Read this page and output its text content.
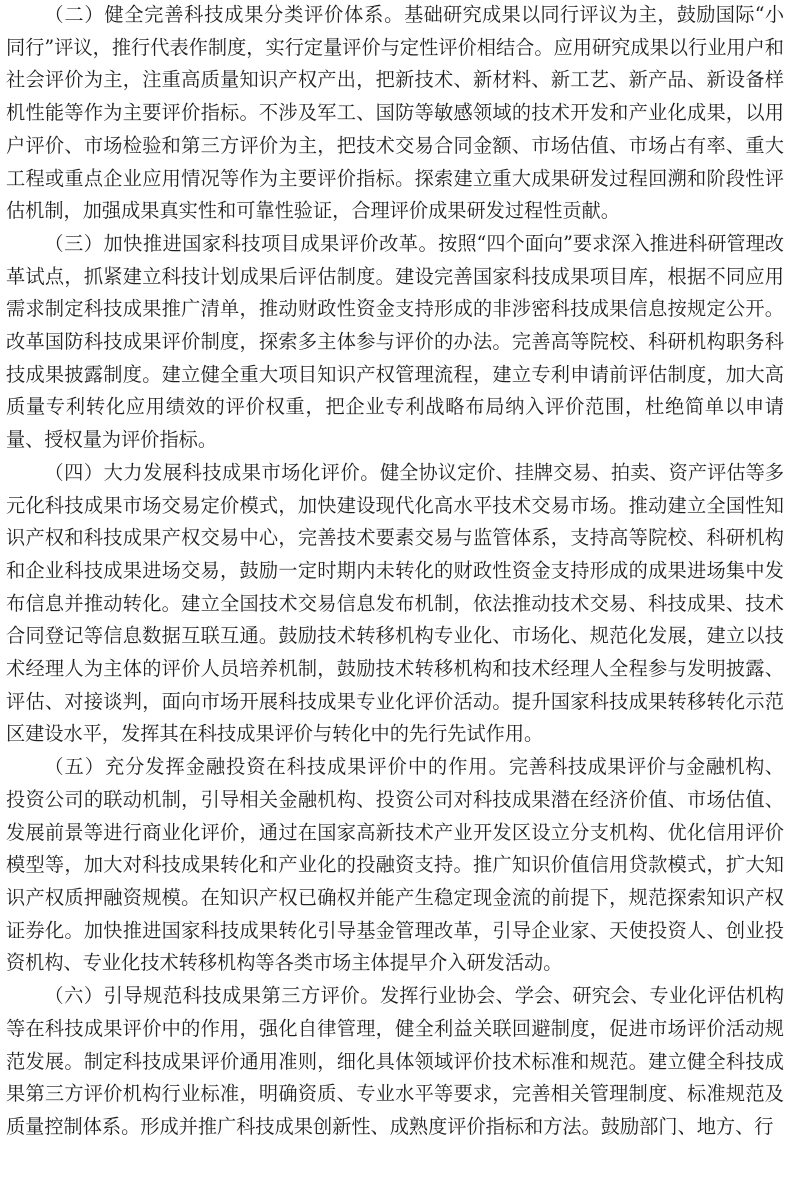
（二）健全完善科技成果分类评价体系。基础研究成果以同行评议为主，鼓励国际“小同行”评议，推行代表作制度，实行定量评价与定性评价相结合。应用研究成果以行业用户和社会评价为主，注重高质量知识产权产出，把新技术、新材料、新工艺、新产品、新设备样机性能等作为主要评价指标。不涉及军工、国防等敏感领域的技术开发和产业化成果，以用户评价、市场检验和第三方评价为主，把技术交易合同金额、市场估值、市场占有率、重大工程或重点企业应用情况等作为主要评价指标。探索建立重大成果研发过程回溯和阶段性评估机制，加强成果真实性和可靠性验证，合理评价成果研发过程性贡献。

（三）加快推进国家科技项目成果评价改革。按照“四个面向”要求深入推进科研管理改革试点，抓紧建立科技计划成果后评估制度。建设完善国家科技成果项目库，根据不同应用需求制定科技成果推广清单，推动财政性资金支持形成的非涉密科技成果信息按规定公开。改革国防科技成果评价制度，探索多主体参与评价的办法。完善高等院校、科研机构职务科技成果披露制度。建立健全重大项目知识产权管理流程，建立专利申请前评估制度，加大高质量专利转化应用绩效的评价权重，把企业专利战略布局纳入评价范围，杜绝简单以申请量、授权量为评价指标。

（四）大力发展科技成果市场化评价。健全协议定价、挂牌交易、拍卖、资产评估等多元化科技成果市场交易定价模式，加快建设现代化高水平技术交易市场。推动建立全国性知识产权和科技成果产权交易中心，完善技术要素交易与监管体系，支持高等院校、科研机构和企业科技成果进场交易，鼓励一定时期内未转化的财政性资金支持形成的成果进场集中发布信息并推动转化。建立全国技术交易信息发布机制，依法推动技术交易、科技成果、技术合同登记等信息数据互联互通。鼓励技术转移机构专业化、市场化、规范化发展，建立以技术经理人为主体的评价人员培养机制，鼓励技术转移机构和技术经理人全程参与发明披露、评估、对接谈判，面向市场开展科技成果专业化评价活动。提升国家科技成果转移转化示范区建设水平，发挥其在科技成果评价与转化中的先行先试作用。

（五）充分发挥金融投资在科技成果评价中的作用。完善科技成果评价与金融机构、投资公司的联动机制，引导相关金融机构、投资公司对科技成果潜在经济价值、市场估值、发展前景等进行商业化评价，通过在国家高新技术产业开发区设立分支机构、优化信用评价模型等，加大对科技成果转化和产业化的投融资支持。推广知识价值信用贷款模式，扩大知识产权质押融资规模。在知识产权已确权并能产生稳定现金流的前提下，规范探索知识产权证券化。加快推进国家科技成果转化引导基金管理改革，引导企业家、天使投资人、创业投资机构、专业化技术转移机构等各类市场主体提早介入研发活动。

（六）引导规范科技成果第三方评价。发挥行业协会、学会、研究会、专业化评估机构等在科技成果评价中的作用，强化自律管理，健全利益关联回避制度，促进市场评价活动规范发展。制定科技成果评价通用准则，细化具体领域评价技术标准和规范。建立健全科技成果第三方评价机构行业标准，明确资质、专业水平等要求，完善相关管理制度、标准规范及质量控制体系。形成并推广科技成果创新性、成熟度评价指标和方法。鼓励部门、地方、行
